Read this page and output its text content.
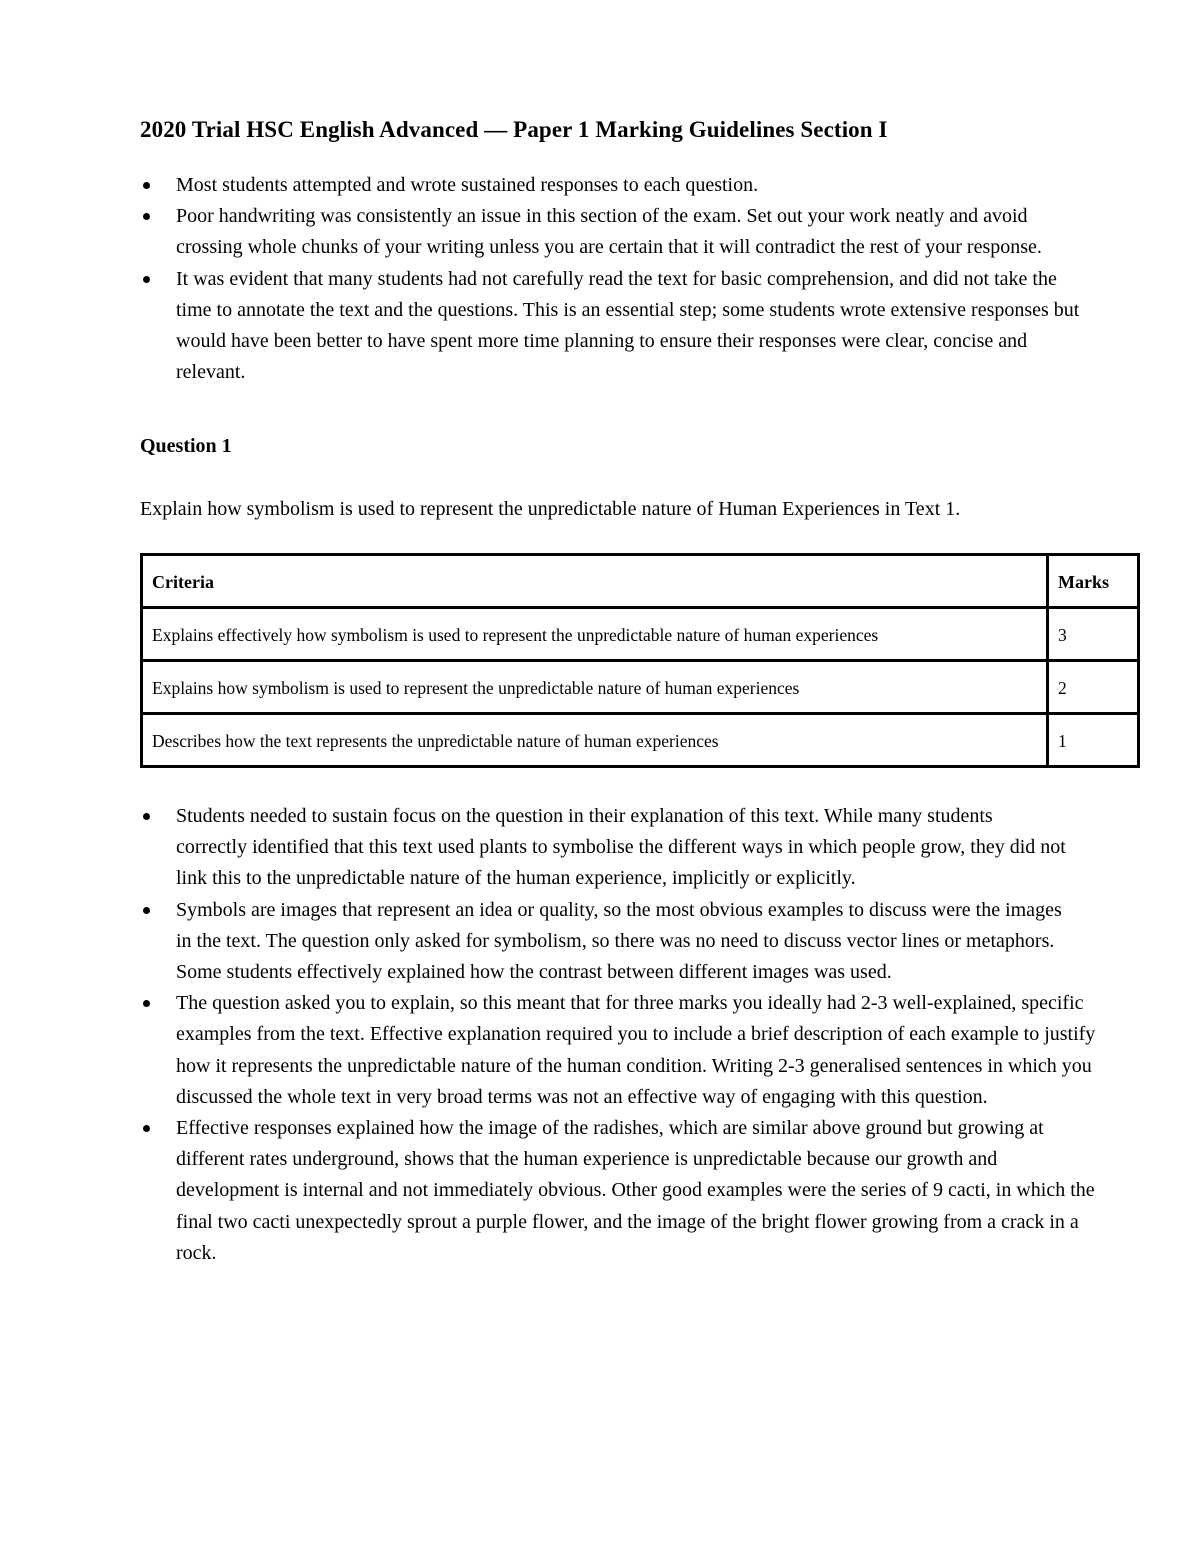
2020 Trial HSC English Advanced — Paper 1 Marking Guidelines Section I
Most students attempted and wrote sustained responses to each question.
Poor handwriting was consistently an issue in this section of the exam. Set out your work neatly and avoid crossing whole chunks of your writing unless you are certain that it will contradict the rest of your response.
It was evident that many students had not carefully read the text for basic comprehension, and did not take the time to annotate the text and the questions. This is an essential step; some students wrote extensive responses but would have been better to have spent more time planning to ensure their responses were clear, concise and relevant.
Question 1

Explain how symbolism is used to represent the unpredictable nature of Human Experiences in Text 1.

Criteria	Marks
Explains effectively how symbolism is used to represent the unpredictable nature of human experiences	3
Explains how symbolism is used to represent the unpredictable nature of human experiences	2
Describes how the text represents the unpredictable nature of human experiences	1
Students needed to sustain focus on the question in their explanation of this text. While many students correctly identified that this text used plants to symbolise the different ways in which people grow, they did not link this to the unpredictable nature of the human experience, implicitly or explicitly.
Symbols are images that represent an idea or quality, so the most obvious examples to discuss were the images in the text. The question only asked for symbolism, so there was no need to discuss vector lines or metaphors. Some students effectively explained how the contrast between different images was used.
The question asked you to explain, so this meant that for three marks you ideally had 2-3 well-explained, specific examples from the text. Effective explanation required you to include a brief description of each example to justify how it represents the unpredictable nature of the human condition. Writing 2-3 generalised sentences in which you discussed the whole text in very broad terms was not an effective way of engaging with this question.
Effective responses explained how the image of the radishes, which are similar above ground but growing at different rates underground, shows that the human experience is unpredictable because our growth and development is internal and not immediately obvious. Other good examples were the series of 9 cacti, in which the final two cacti unexpectedly sprout a purple flower, and the image of the bright flower growing from a crack in a rock.
